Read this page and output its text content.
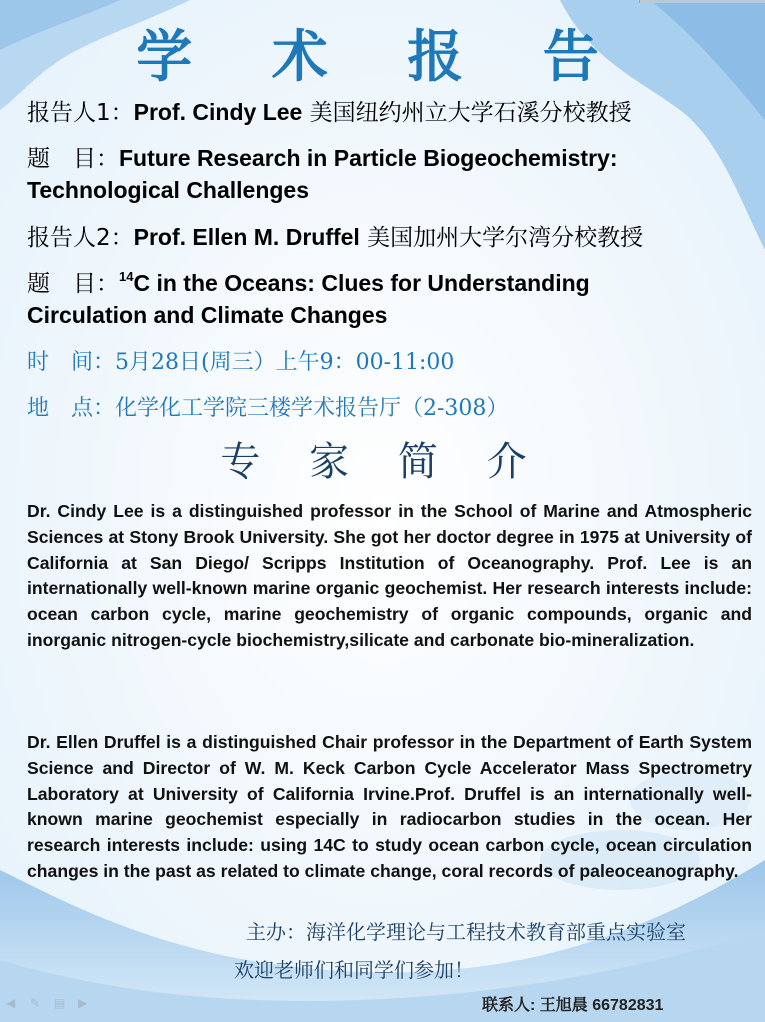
学 术 报 告
报告人1：Prof. Cindy Lee 美国纽约州立大学石溪分校教授
题　目：Future Research in Particle Biogeochemistry:
Technological Challenges
报告人2：Prof. Ellen M. Druffel 美国加州大学尔湾分校教授
题　目：$^{14}$C in the Oceans: Clues for Understanding
Circulation and Climate Changes
时　间：5月28日(周三）上午9：00-11:00
地　点：化学化工学院三楼学术报告厅（2-308）
专 家 简 介

Dr. Cindy Lee is a distinguished professor in the School of Marine and Atmospheric Sciences at Stony Brook University. She got her doctor degree in 1975 at University of California at San Diego/ Scripps Institution of Oceanography. Prof. Lee is an internationally well-known marine organic geochemist. Her research interests include: ocean carbon cycle, marine geochemistry of organic compounds, organic and inorganic nitrogen-cycle biochemistry,silicate and carbonate bio-mineralization.

Dr. Ellen Druffel is a distinguished Chair professor in the Department of Earth System Science and Director of W. M. Keck Carbon Cycle Accelerator Mass Spectrometry Laboratory at University of California Irvine.Prof. Druffel is an internationally well-known marine geochemist especially in radiocarbon studies in the ocean. Her research interests include: using 14C to study ocean carbon cycle, ocean circulation changes in the past as related to climate change, coral records of paleoceanography.

主办：海洋化学理论与工程技术教育部重点实验室
欢迎老师们和同学们参加！
联系人: 王旭晨 66782831
◀	✎	▤ ▶
